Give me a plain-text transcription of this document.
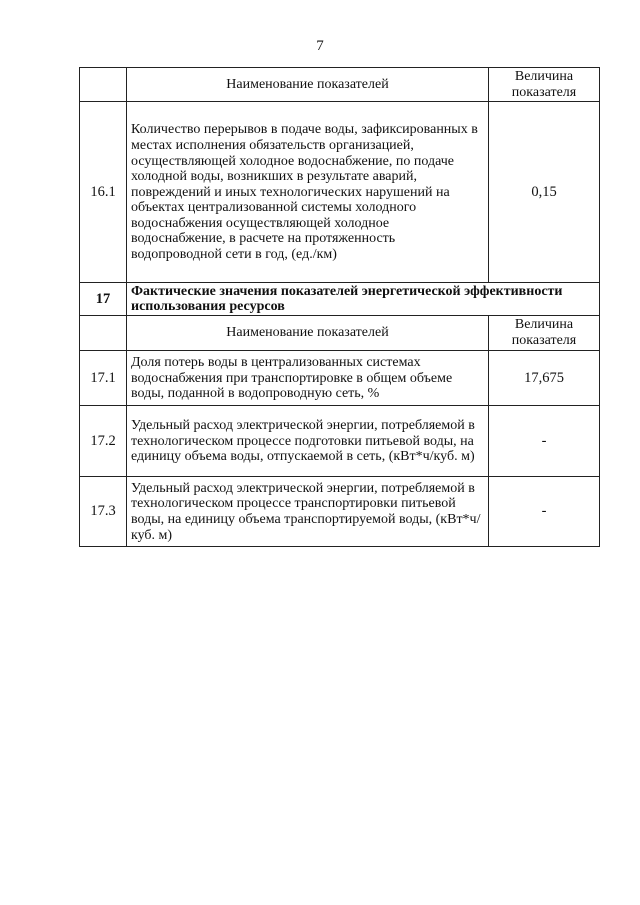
7
	Наименование показателей	Величина показателя
16.1	Количество перерывов в подаче воды, зафиксированных в местах исполнения обязательств организацией, осуществляющей холодное водоснабжение, по подаче холодной воды, возникших в результате аварий, повреждений и иных технологических нарушений на объектах централизованной системы холодного водоснабжения осуществляющей холодное водоснабжение, в расчете на протяженность водопроводной сети в год, (ед./км)	0,15
17	Фактические значения показателей энергетической эффективности использования ресурсов	
	Наименование показателей	Величина показателя
17.1	Доля потерь воды в централизованных системах водоснабжения при транспортировке в общем объеме воды, поданной в водопроводную сеть, %	17,675
17.2	Удельный расход электрической энергии, потребляемой в технологическом процессе подготовки питьевой воды, на единицу объема воды, отпускаемой в сеть, (кВт*ч/куб. м)	-
17.3	Удельный расход электрической энергии, потребляемой в технологическом процессе транспортировки питьевой воды, на единицу объема транспортируемой воды, (кВт*ч/куб. м)	-
